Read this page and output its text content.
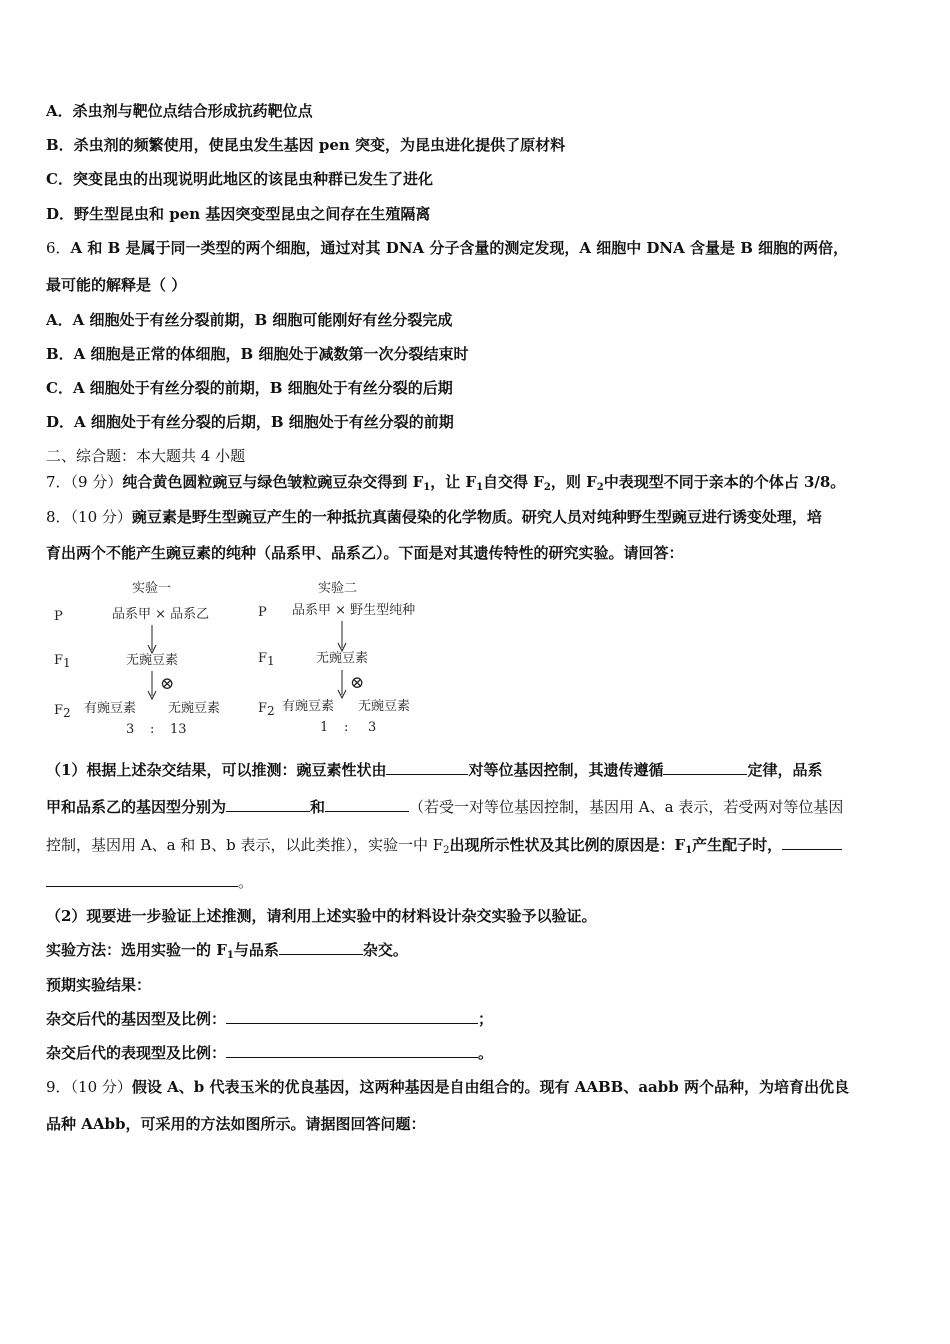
A．杀虫剂与靶位点结合形成抗药靶位点
B．杀虫剂的频繁使用，使昆虫发生基因 pen 突变，为昆虫进化提供了原材料
C．突变昆虫的出现说明此地区的该昆虫种群已发生了进化
D．野生型昆虫和 pen 基因突变型昆虫之间存在生殖隔离
6．A 和 B 是属于同一类型的两个细胞，通过对其 DNA 分子含量的测定发现，A 细胞中 DNA 含量是 B 细胞的两倍，
最可能的解释是（ ）
A．A 细胞处于有丝分裂前期，B 细胞可能刚好有丝分裂完成
B．A 细胞是正常的体细胞，B 细胞处于减数第一次分裂结束时
C．A 细胞处于有丝分裂的前期，B 细胞处于有丝分裂的后期
D．A 细胞处于有丝分裂的后期，B 细胞处于有丝分裂的前期
二、综合题：本大题共 4 小题
7．（9 分）纯合黄色圆粒豌豆与绿色皱粒豌豆杂交得到 $F_1$，让 $F_1$自交得 $F_2$，则 $F_2$中表现型不同于亲本的个体占 3/8。
8．（10 分）豌豆素是野生型豌豆产生的一种抵抗真菌侵染的化学物质。研究人员对纯种野生型豌豆进行诱变处理，培
育出两个不能产生豌豆素的纯种（品系甲、品系乙）。下面是对其遗传特性的研究实验。请回答：
实验一
P	品系甲 × 品系乙
F1	无豌豆素
⊗
F2 有豌豆素 无豌豆素
3 : 13
实验二
P 品系甲 × 野生型纯种
F1	无豌豆素
⊗
F2 有豌豆素 无豌豆素
1 : 3
（1）根据上述杂交结果，可以推测：豌豆素性状由	对等位基因控制，其遗传遵循	定律，品系
甲和品系乙的基因型分别为	和	（若受一对等位基因控制，基因用 A、a 表示，若受两对等位基因
控制，基因用 A、a 和 B、b 表示，以此类推），实验一中 $F_2$出现所示性状及其比例的原因是：$F_1$产生配子时，
。
（2）现要进一步验证上述推测，请利用上述实验中的材料设计杂交实验予以验证。
实验方法：选用实验一的 $F_1$与品系	杂交。
预期实验结果：
杂交后代的基因型及比例：	；
杂交后代的表现型及比例：	。
9．（10 分）假设 A、b 代表玉米的优良基因，这两种基因是自由组合的。现有 AABB、aabb 两个品种，为培育出优良
品种 AAbb，可采用的方法如图所示。请据图回答问题：
